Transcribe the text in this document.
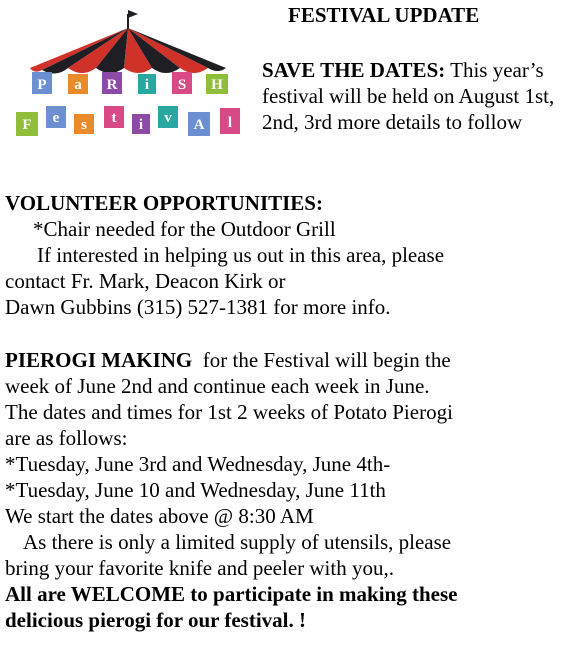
P a R i S H
F e s t i v A l
FESTIVAL UPDATE
SAVE THE DATES: This year’s festival will be held on August 1st, 2nd, 3rd more details to follow
VOLUNTEER OPPORTUNITIES:
*Chair needed for the Outdoor Grill
If interested in helping us out in this area, please
contact Fr. Mark, Deacon Kirk or
Dawn Gubbins (315) 527-1381 for more info.
PIEROGI MAKING for the Festival will begin the
week of June 2nd and continue each week in June.
The dates and times for 1st 2 weeks of Potato Pierogi
are as follows:
*Tuesday, June 3rd and Wednesday, June 4th-
*Tuesday, June 10 and Wednesday, June 11th
We start the dates above @ 8:30 AM
As there is only a limited supply of utensils, please
bring your favorite knife and peeler with you,.
All are WELCOME to participate in making these
delicious pierogi for our festival. !
